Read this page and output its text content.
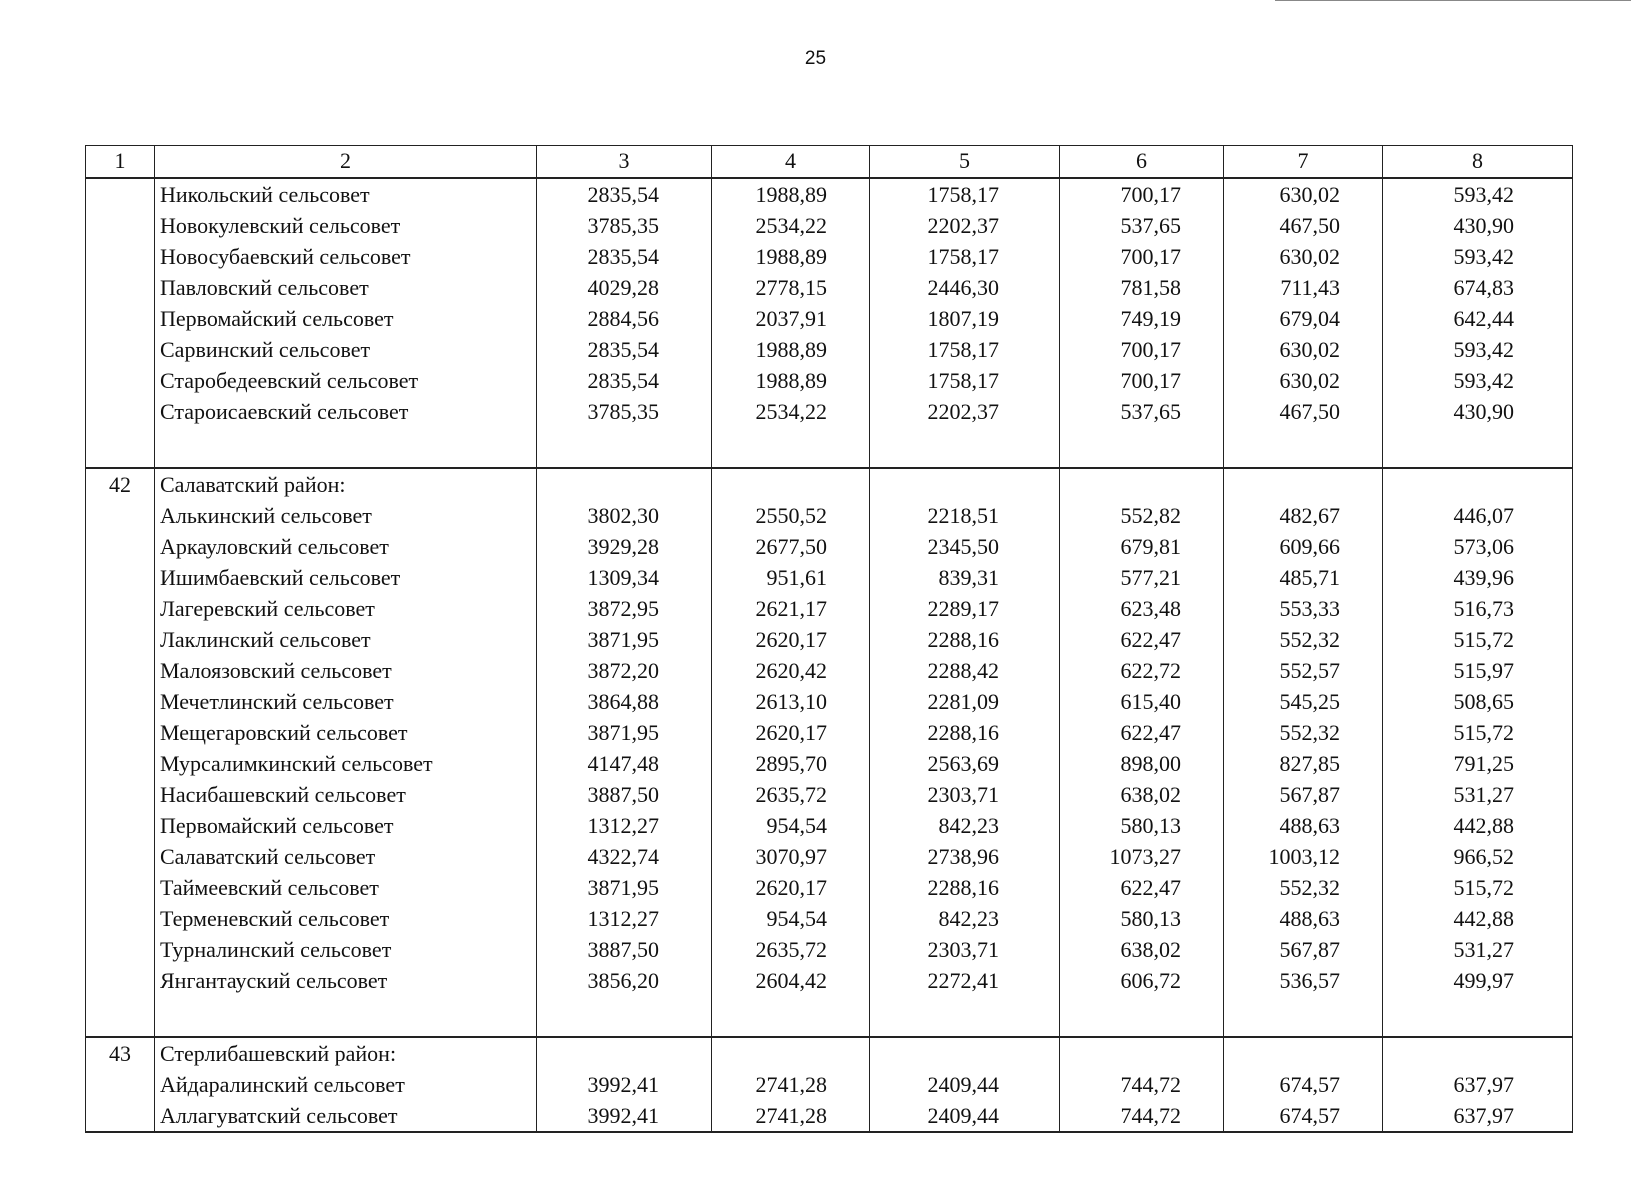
25
1	2	3	4	5	6	7	8
	Никольский сельсовет	2835,54	1988,89	1758,17	700,17	630,02	593,42
	Новокулевский сельсовет	3785,35	2534,22	2202,37	537,65	467,50	430,90
	Новосубаевский сельсовет	2835,54	1988,89	1758,17	700,17	630,02	593,42
	Павловский сельсовет	4029,28	2778,15	2446,30	781,58	711,43	674,83
	Первомайский сельсовет	2884,56	2037,91	1807,19	749,19	679,04	642,44
	Сарвинский сельсовет	2835,54	1988,89	1758,17	700,17	630,02	593,42
	Старобедеевский сельсовет	2835,54	1988,89	1758,17	700,17	630,02	593,42
	Староисаевский сельсовет	3785,35	2534,22	2202,37	537,65	467,50	430,90

42	Салаватский район:						
	Алькинский сельсовет	3802,30	2550,52	2218,51	552,82	482,67	446,07
	Аркауловский сельсовет	3929,28	2677,50	2345,50	679,81	609,66	573,06
	Ишимбаевский сельсовет	1309,34	951,61	839,31	577,21	485,71	439,96
	Лагеревский сельсовет	3872,95	2621,17	2289,17	623,48	553,33	516,73
	Лаклинский сельсовет	3871,95	2620,17	2288,16	622,47	552,32	515,72
	Малоязовский сельсовет	3872,20	2620,42	2288,42	622,72	552,57	515,97
	Мечетлинский сельсовет	3864,88	2613,10	2281,09	615,40	545,25	508,65
	Мещегаровский сельсовет	3871,95	2620,17	2288,16	622,47	552,32	515,72
	Мурсалимкинский сельсовет	4147,48	2895,70	2563,69	898,00	827,85	791,25
	Насибашевский сельсовет	3887,50	2635,72	2303,71	638,02	567,87	531,27
	Первомайский сельсовет	1312,27	954,54	842,23	580,13	488,63	442,88
	Салаватский сельсовет	4322,74	3070,97	2738,96	1073,27	1003,12	966,52
	Таймеевский сельсовет	3871,95	2620,17	2288,16	622,47	552,32	515,72
	Терменевский сельсовет	1312,27	954,54	842,23	580,13	488,63	442,88
	Турналинский сельсовет	3887,50	2635,72	2303,71	638,02	567,87	531,27
	Янгантауский сельсовет	3856,20	2604,42	2272,41	606,72	536,57	499,97

43	Стерлибашевский район:						
	Айдаралинский сельсовет	3992,41	2741,28	2409,44	744,72	674,57	637,97
	Аллагуватский сельсовет	3992,41	2741,28	2409,44	744,72	674,57	637,97
